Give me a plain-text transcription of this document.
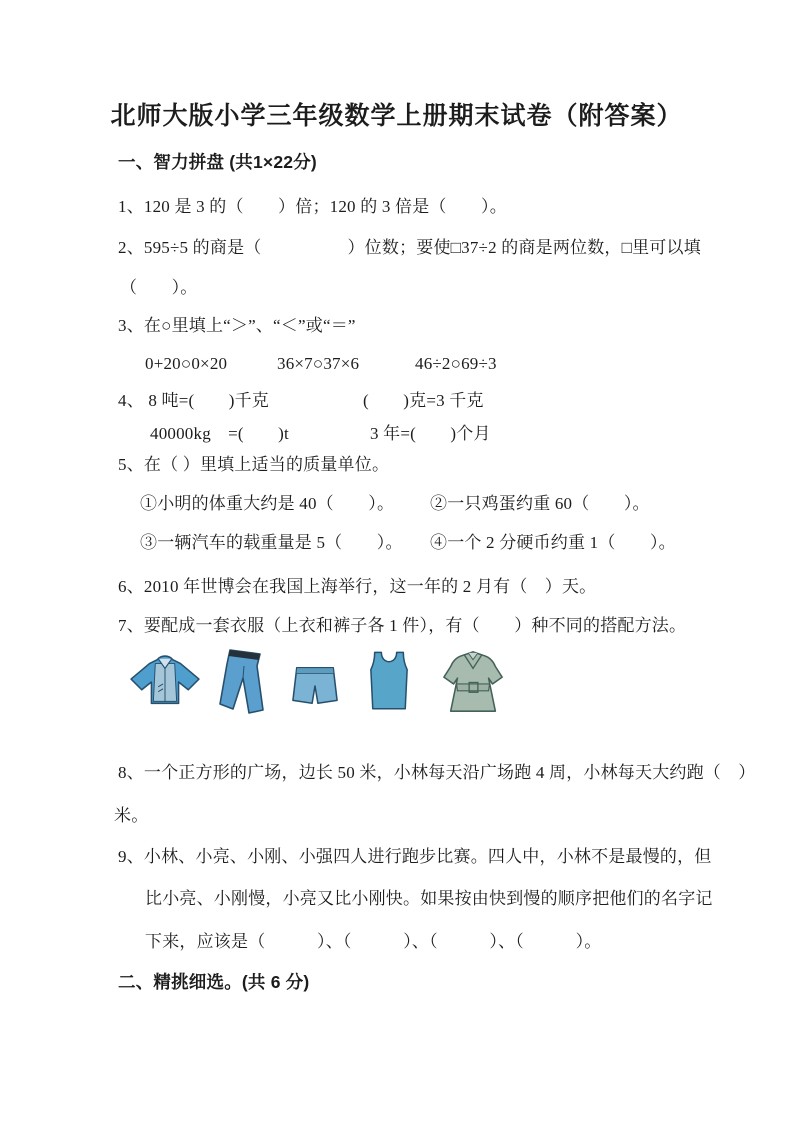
北师大版小学三年级数学上册期末试卷（附答案）
一、智力拼盘 (共1×22分)
1、120 是 3 的（　　）倍；120 的 3 倍是（　　）。
2、595÷5 的商是（　　　　　）位数；要使□37÷2 的商是两位数，□里可以填
（　　）。
3、在○里填上“＞”、“＜”或“＝”
0+20○0×20	36×7○37×6	46÷2○69÷3
4、 8 吨=(　　)千克	(　　)克=3 千克
40000kg　=(　　)t	3 年=(　　)个月
5、在（ ）里填上适当的质量单位。
①小明的体重大约是 40（　　）。 ②一只鸡蛋约重 60（　　）。
③一辆汽车的载重量是 5（　　）。 ④一个 2 分硬币约重 1（　　）。
6、2010 年世博会在我国上海举行，这一年的 2 月有（　）天。
7、要配成一套衣服（上衣和裤子各 1 件），有（　　）种不同的搭配方法。
8、一个正方形的广场，边长 50 米，小林每天沿广场跑 4 周，小林每天大约跑（　）
米。
9、小林、小亮、小刚、小强四人进行跑步比赛。四人中，小林不是最慢的，但
比小亮、小刚慢，小亮又比小刚快。如果按由快到慢的顺序把他们的名字记
下来，应该是（　　　）、（　　　）、（　　　）、（　　　）。
二、精挑细选。(共 6 分)
